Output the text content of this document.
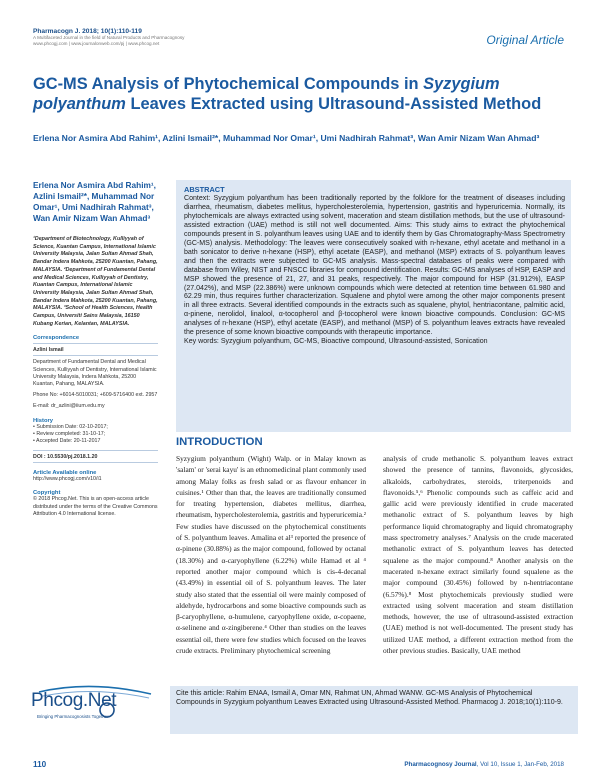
Pharmacogn J. 2018; 10(1):110-119
A Multifaceted Journal in the field of Natural Products and Pharmacognosy
www.phcogj.com | www.journalonweb.com/pj | www.phcog.net	Original Article
GC-MS Analysis of Phytochemical Compounds in Syzygium polyanthum Leaves Extracted using Ultrasound-Assisted Method
Erlena Nor Asmira Abd Rahim¹, Azlini Ismail²*, Muhammad Nor Omar¹, Umi Nadhirah Rahmat³, Wan Amir Nizam Wan Ahmad³
Erlena Nor Asmira Abd Rahim¹, Azlini Ismail²*, Muhammad Nor Omar¹, Umi Nadhirah Rahmat³, Wan Amir Nizam Wan Ahmad³
¹Department of Biotechnology, Kulliyyah of Science, Kuantan Campus, International Islamic University Malaysia, Jalan Sultan Ahmad Shah, Bandar Indera Mahkota, 25200 Kuantan, Pahang, MALAYSIA. ²Department of Fundamental Dental and Medical Sciences, Kulliyyah of Dentistry, Kuantan Campus, International Islamic University Malaysia, Jalan Sultan Ahmad Shah, Bandar Indera Mahkota, 25200 Kuantan, Pahang, MALAYSIA. ³School of Health Sciences, Health Campus, Universiti Sains Malaysia, 16150 Kubang Kerian, Kelantan, MALAYSIA.
Correspondence
Azlini Ismail
Department of Fundamental Dental and Medical Sciences, Kulliyyah of Dentistry, International Islamic University Malaysia, Indera Mahkota, 25200 Kuantan, Pahang, MALAYSIA.
Phone No: +6014-5010031; +609-5716400 ext. 2957
E-mail: dr_azlini@iium.edu.my
History
• Submission Date: 02-10-2017;
• Review completed: 31-10-17;
• Accepted Date: 20-11-2017
DOI : 10.5530/pj.2018.1.20
Article Available online
http://www.phcogj.com/v10/i1
Copyright
© 2018 Phcog.Net. This is an open-access article distributed under the terms of the Creative Commons Attribution 4.0 International license.
ABSTRACT

Context: Syzygium polyanthum has been traditionally reported by the folklore for the treatment of diseases including diarrhea, rheumatism, diabetes mellitus, hypercholesterolemia, hypertension, gastritis and hyperuricemia. Normally, its phytochemicals are always extracted using solvent, maceration and steam distillation methods, but the use of ultrasound-assisted extraction (UAE) method is still not well documented. Aims: This study aims to extract the phytochemical compounds present in S. polyanthum leaves using UAE and to identify them by Gas Chromatography-Mass Spectrometry (GC-MS) analysis. Methodology: The leaves were consecutively soaked with n-hexane, ethyl acetate and methanol in a bath sonicator to derive n-hexane (HSP), ethyl acetate (EASP), and methanol (MSP) extracts of S. polyanthum leaves and then the extracts were subjected to GC-MS analysis. Mass-spectral databases of peaks were compared with database from Wiley, NIST and FNSCC libraries for compound identification. Results: GC-MS analyses of HSP, EASP and MSP showed the presence of 21, 27, and 31 peaks, respectively. The major compound for HSP (31.912%), EASP (27.042%), and MSP (22.386%) were unknown compounds which were detected at retention time between 61.980 and 62.29 min, thus requires further characterization. Squalene and phytol were among the other major components present in all three extracts. Several identified compounds in the extracts such as squalene, phytol, hentriacontane, palmitic acid, α-pinene, nerolidol, linalool, α-tocopherol and β-tocopherol were known bioactive compounds. Conclusion: GC-MS analyses of n-hexane (HSP), ethyl acetate (EASP), and methanol (MSP) of S. polyanthum leaves extracts have revealed the presence of some known bioactive compounds with therapeutic importance.

Key words: Syzygium polyanthum, GC-MS, Bioactive compound, Ultrasound-assisted, Sonication

INTRODUCTION
Syzygium polyanthum (Wight) Walp. or in Malay known as 'salam' or 'serai kayu' is an ethnomedicinal plant commonly used among Malay folks as fresh salad or as flavour enhancer in cuisines.¹ Other than that, the leaves are traditionally consumed for treating hypertension, diabetes mellitus, diarrhea, rheumatism, hypercholesterolemia, gastritis and hyperuricemia.² Few studies have discussed on the phytochemical constituents of S. polyanthum leaves. Amalina et al³ reported the presence of α-pinene (30.88%) as the major compound, followed by octanal (18.30%) and α-caryophyllene (6.22%) while Hamad et al ⁴ reported another major compound which is cis-4-decanal (43.49%) in essential oil of S. polyanthum leaves. The later study also stated that the essential oil were mainly composed of aldehyde, hydrocarbons and some bioactive compounds such as β-caryophyllene, α-humulene, caryophyllene oxide, α-copaene, α-selinene and α-zingiberene.⁴ Other than studies on the leaves essential oil, there were few studies which focused on the leaves crude extracts. Preliminary phytochemical screening
analysis of crude methanolic S. polyanthum leaves extract showed the presence of tannins, flavonoids, glycosides, alkaloids, carbohydrates, steroids, triterpenoids and flavonoids.⁵,⁶ Phenolic compounds such as caffeic acid and gallic acid were previously identified in crude macerated methanolic extract of S. polyanthum leaves by high performance liquid chromatography and liquid chromatography mass spectrometry analyses.⁷ Analysis on the crude macerated methanolic extract of S. polyanthum leaves has detected squalene as the major compound.⁸ Another analysis on the macerated n-hexane extract similarly found squalene as the major compound (30.45%) followed by n-hentriacontane (6.57%).⁸ Most phytochemicals previously studied were extracted using solvent maceration and steam distillation methods, however, the use of ultrasound-assisted extraction (UAE) method is not well-documented. The present study has utilized UAE method, a different extraction method from the other previous studies. Basically, UAE method
Phcog.Net
Bringing Pharmacognosists Together
Cite this article: Rahim ENAA, Ismail A, Omar MN, Rahmat UN, Ahmad WANW. GC-MS Analysis of Phytochemical Compounds in Syzygium polyanthum Leaves Extracted using Ultrasound-Assisted Method. Pharmacog J. 2018;10(1):110-9.
110	Pharmacognosy Journal, Vol 10, Issue 1, Jan-Feb, 2018
